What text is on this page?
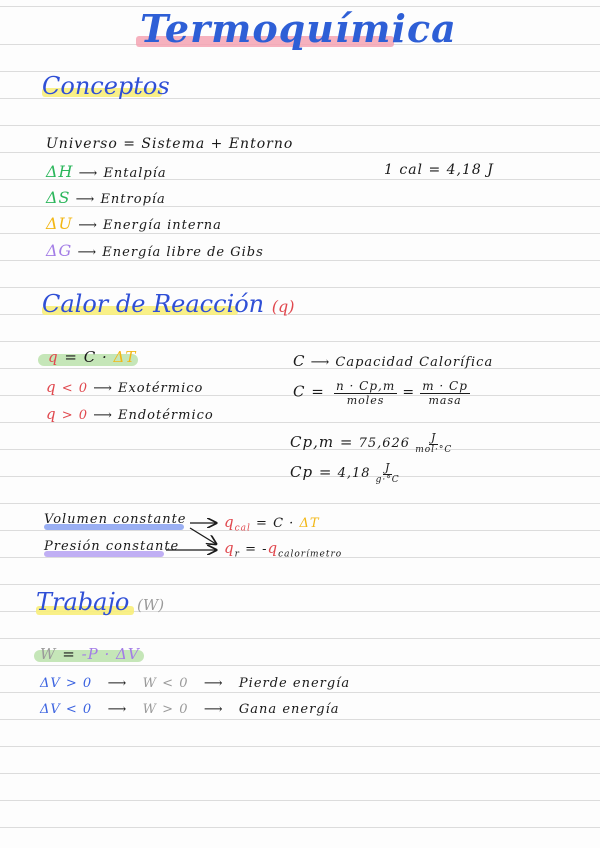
Termoquímica
Conceptos
Universo = Sistema + Entorno
ΔH ⟶ Entalpía
ΔS ⟶ Entropía
ΔU ⟶ Energía interna
ΔG ⟶ Energía libre de Gibs
1 cal = 4,18 J
Calor de Reacción (q)
q = C · ΔT
q < 0 ⟶ Exotérmico
q > 0 ⟶ Endotérmico
C ⟶ Capacidad Calorífica
$C = \frac{n \cdot Cp,m}{\text{moles}} = \frac{m \cdot Cp}{\text{masa}}$
$Cp,m = 75,626 \frac{J}{\text{mol·°C}}$
$Cp = 4,18 \frac{J}{g\cdot^\circ C}$
Volumen constante
Presión constante
$q_{cal} = C \cdot \Delta T$
$q_r = -q_{calorímetro}$
Trabajo (W)
W = -P · ΔV
ΔV > 0   ⟶   W < 0   ⟶   Pierde energía
ΔV < 0   ⟶   W > 0   ⟶   Gana energía
